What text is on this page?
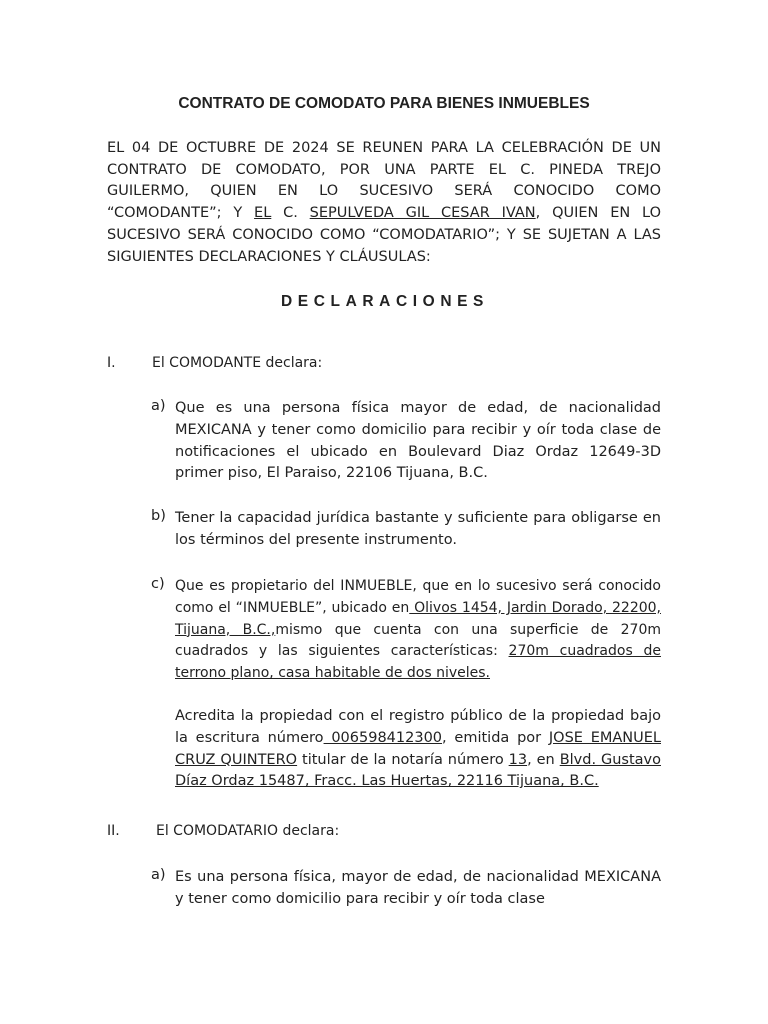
CONTRATO DE COMODATO PARA BIENES INMUEBLES

EL 04 DE OCTUBRE DE 2024 SE REUNEN PARA LA CELEBRACIÓN DE UN CONTRATO DE COMODATO, POR UNA PARTE EL C. PINEDA TREJO GUILERMO, QUIEN EN LO SUCESIVO SERÁ CONOCIDO COMO “COMODANTE”; Y EL C. SEPULVEDA GIL CESAR IVAN, QUIEN EN LO SUCESIVO SERÁ CONOCIDO COMO “COMODATARIO”; Y SE SUJETAN A LAS SIGUIENTES DECLARACIONES Y CLÁUSULAS:

DECLARACIONES

I.	El COMODANTE declara:
a) Que es una persona física mayor de edad, de nacionalidad MEXICANA y tener como domicilio para recibir y oír toda clase de notificaciones el ubicado en Boulevard Diaz Ordaz 12649-3D primer piso, El Paraiso, 22106 Tijuana, B.C.

b) Tener la capacidad jurídica bastante y suficiente para obligarse en los términos del presente instrumento.

c) Que es propietario del INMUEBLE, que en lo sucesivo será conocido como el “INMUEBLE”, ubicado en Olivos 1454, Jardin Dorado, 22200, Tijuana, B.C.,mismo que cuenta con una superficie de 270m cuadrados y las siguientes características: 270m cuadrados de terrono plano, casa habitable de dos niveles.

Acredita la propiedad con el registro público de la propiedad bajo la escritura número 006598412300, emitida por JOSE EMANUEL CRUZ QUINTERO titular de la notaría número 13, en Blvd. Gustavo Díaz Ordaz 15487, Fracc. Las Huertas, 22116 Tijuana, B.C.

II.	El COMODATARIO declara:
a) Es una persona física, mayor de edad, de nacionalidad MEXICANA y tener como domicilio para recibir y oír toda clase
